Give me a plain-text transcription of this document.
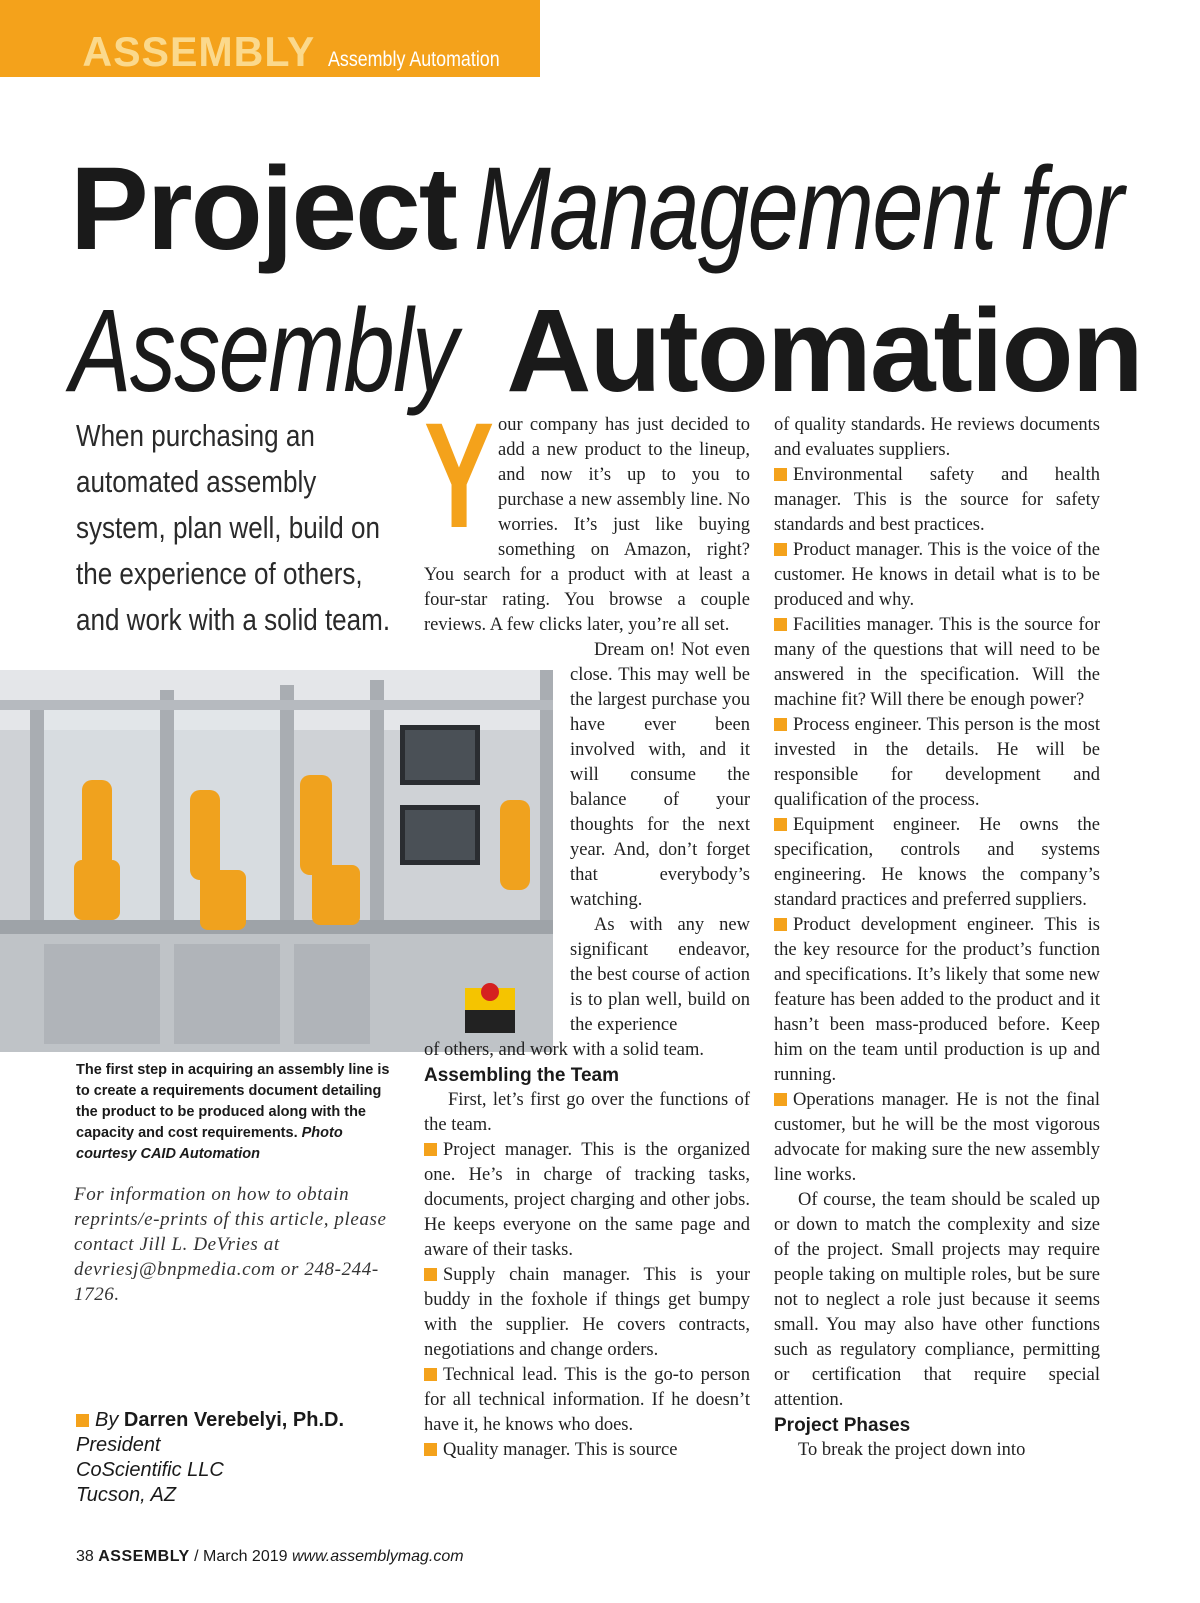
ASSEMBLY Assembly Automation
Project Management for
Assembly Automation
When purchasing an automated assembly system, plan well, build on the experience of others, and work with a solid team.
The first step in acquiring an assembly line is to create a requirements document detailing the product to be produced along with the capacity and cost requirements. Photo courtesy CAID Automation
For information on how to obtain reprints/e-prints of this article, please contact Jill L. DeVries at devriesj@bnpmedia.com or 248-244-1726.
By Darren Verebelyi, Ph.D.
President
CoScientific LLC
Tucson, AZ

Your company has just decided to add a new product to the lineup, and now it’s up to you to purchase a new assembly line. No worries. It’s just like buying something on Amazon, right? You search for a product with at least a four-star rating. You browse a couple reviews. A few clicks later, you’re all set.

Dream on! Not even close. This may well be the largest purchase you have ever been involved with, and it will consume the balance of your thoughts for the next year. And, don’t forget that everybody’s watching.

As with any new significant endeavor, the best course of action is to plan well, build on the experience

of others, and work with a solid team.

Assembling the Team

First, let’s first go over the functions of the team.

Project manager. This is the organized one. He’s in charge of tracking tasks, documents, project charging and other jobs. He keeps everyone on the same page and aware of their tasks.

Supply chain manager. This is your buddy in the foxhole if things get bumpy with the supplier. He covers contracts, negotiations and change orders.

Technical lead. This is the go-to person for all technical information. If he doesn’t have it, he knows who does.

Quality manager. This is source

of quality standards. He reviews documents and evaluates suppliers.

Environmental safety and health manager. This is the source for safety standards and best practices.

Product manager. This is the voice of the customer. He knows in detail what is to be produced and why.

Facilities manager. This is the source for many of the questions that will need to be answered in the specification. Will the machine fit? Will there be enough power?

Process engineer. This person is the most invested in the details. He will be responsible for development and qualification of the process.

Equipment engineer. He owns the specification, controls and systems engineering. He knows the company’s standard practices and preferred suppliers.

Product development engineer. This is the key resource for the product’s function and specifications. It’s likely that some new feature has been added to the product and it hasn’t been mass-produced before. Keep him on the team until production is up and running.

Operations manager. He is not the final customer, but he will be the most vigorous advocate for making sure the new assembly line works.

Of course, the team should be scaled up or down to match the complexity and size of the project. Small projects may require people taking on multiple roles, but be sure not to neglect a role just because it seems small. You may also have other functions such as regulatory compliance, permitting or certification that require special attention.

Project Phases

To break the project down into

38 ASSEMBLY / March 2019 www.assemblymag.com
